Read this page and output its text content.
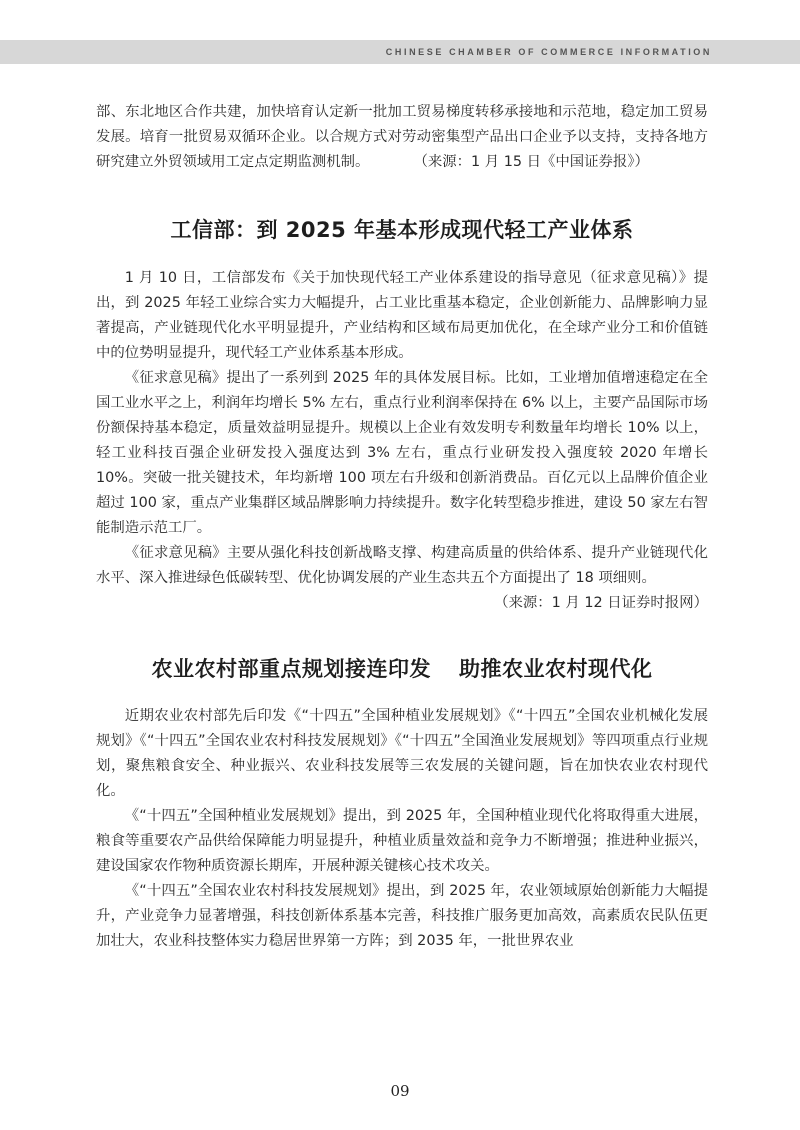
CHINESE CHAMBER OF COMMERCE INFORMATION

部、东北地区合作共建，加快培育认定新一批加工贸易梯度转移承接地和示范地，稳定加工贸易发展。培育一批贸易双循环企业。以合规方式对劳动密集型产品出口企业予以支持，支持各地方研究建立外贸领域用工定点定期监测机制。	（来源：1 月 15 日《中国证券报》）

工信部：到 2025 年基本形成现代轻工产业体系

1 月 10 日，工信部发布《关于加快现代轻工产业体系建设的指导意见（征求意见稿）》提出，到 2025 年轻工业综合实力大幅提升，占工业比重基本稳定，企业创新能力、品牌影响力显著提高，产业链现代化水平明显提升，产业结构和区域布局更加优化，在全球产业分工和价值链中的位势明显提升，现代轻工产业体系基本形成。

《征求意见稿》提出了一系列到 2025 年的具体发展目标。比如，工业增加值增速稳定在全国工业水平之上，利润年均增长 5% 左右，重点行业利润率保持在 6% 以上，主要产品国际市场份额保持基本稳定，质量效益明显提升。规模以上企业有效发明专利数量年均增长 10% 以上，轻工业科技百强企业研发投入强度达到 3% 左右，重点行业研发投入强度较 2020 年增长 10%。突破一批关键技术，年均新增 100 项左右升级和创新消费品。百亿元以上品牌价值企业超过 100 家，重点产业集群区域品牌影响力持续提升。数字化转型稳步推进，建设 50 家左右智能制造示范工厂。

《征求意见稿》主要从强化科技创新战略支撑、构建高质量的供给体系、提升产业链现代化水平、深入推进绿色低碳转型、优化协调发展的产业生态共五个方面提出了 18 项细则。

（来源：1 月 12 日证券时报网）

农业农村部重点规划接连印发 助推农业农村现代化

近期农业农村部先后印发《“十四五”全国种植业发展规划》《“十四五”全国农业机械化发展规划》《“十四五”全国农业农村科技发展规划》《“十四五”全国渔业发展规划》等四项重点行业规划，聚焦粮食安全、种业振兴、农业科技发展等三农发展的关键问题，旨在加快农业农村现代化。

《“十四五”全国种植业发展规划》提出，到 2025 年，全国种植业现代化将取得重大进展，粮食等重要农产品供给保障能力明显提升，种植业质量效益和竞争力不断增强；推进种业振兴，建设国家农作物种质资源长期库，开展种源关键核心技术攻关。

《“十四五”全国农业农村科技发展规划》提出，到 2025 年，农业领域原始创新能力大幅提升，产业竞争力显著增强，科技创新体系基本完善，科技推广服务更加高效，高素质农民队伍更加壮大，农业科技整体实力稳居世界第一方阵；到 2035 年，一批世界农业

09
